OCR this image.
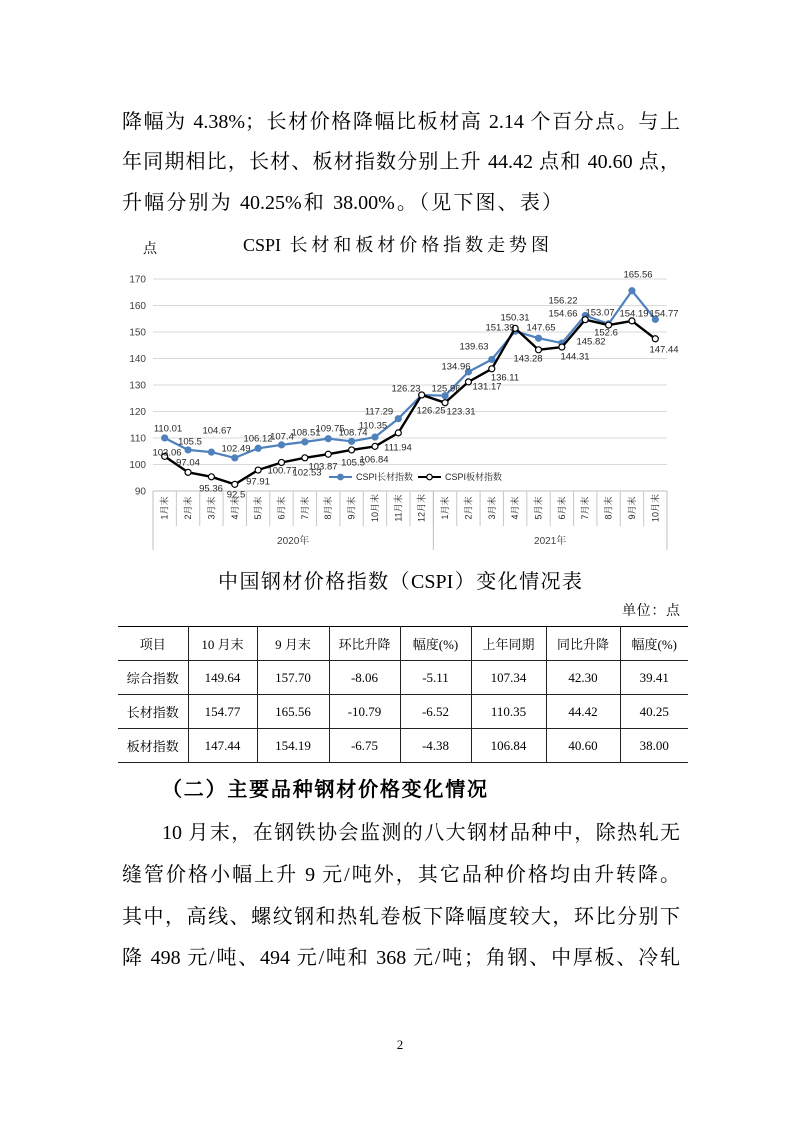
降幅为 4.38%；长材价格降幅比板材高 2.14 个百分点。与上
年同期相比，长材、板材指数分别上升 44.42 点和 40.60 点，
升幅分别为 40.25%和 38.00%。（见下图、表）
点	CSPI 长材和板材价格指数走势图
90
100
110
120
130
140
150
160
170
2020年	2021年
1月末 2月末 3月末 4月末 5月末 6月末 7月末 8月末 9月末 10月末 11月末 12月末 1月末 2月末 3月末 4月末 5月末 6月末 7月末 8月末 9月末 10月末
110.01
105.5
104.67
102.49
106.12
107.4
108.51
109.75
108.74
110.35
117.29
126.23 125.96
134.96
139.63
150.31
147.65
145.82
156.22
153.07
165.56
154.77
103.06
97.04
95.36
92.5
97.91
100.77
102.53
103.87 105.5
106.84
111.94
126.25 123.31
131.17
136.11
151.39
143.28 144.31
154.66
152.6
154.19
147.44
CSPI长材指数	CSPI板材指数
中国钢材价格指数（CSPI）变化情况表
单位：点
项目	10 月末	9 月末	环比升降	幅度(%)	上年同期	同比升降	幅度(%)
综合指数	149.64	157.70	-8.06	-5.11	107.34	42.30	39.41
长材指数	154.77	165.56	-10.79	-6.52	110.35	44.42	40.25
板材指数	147.44	154.19	-6.75	-4.38	106.84	40.60	38.00
（二）主要品种钢材价格变化情况
10 月末，在钢铁协会监测的八大钢材品种中，除热轧无
缝管价格小幅上升 9 元/吨外，其它品种价格均由升转降。
其中，高线、螺纹钢和热轧卷板下降幅度较大，环比分别下
降 498 元/吨、494 元/吨和 368 元/吨；角钢、中厚板、冷轧
2
